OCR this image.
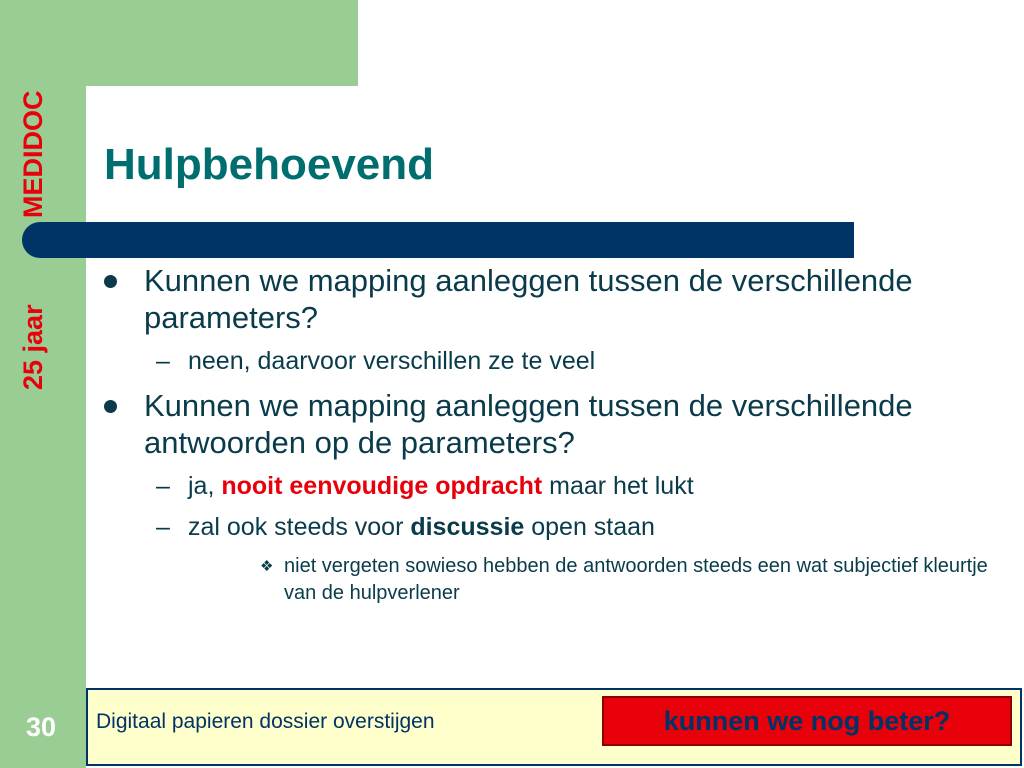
MEDIDOC
25 jaar
Hulpbehoevend
Kunnen we mapping aanleggen tussen de verschillende parameters?
– neen, daarvoor verschillen ze te veel
Kunnen we mapping aanleggen tussen de verschillende antwoorden op de parameters?
– ja, nooit eenvoudige opdracht maar het lukt
– zal ook steeds voor discussie open staan
❖ niet vergeten sowieso hebben de antwoorden steeds een wat subjectief kleurtje van de hulpverlener
30 Digitaal papieren dossier overstijgen	kunnen we nog beter?
